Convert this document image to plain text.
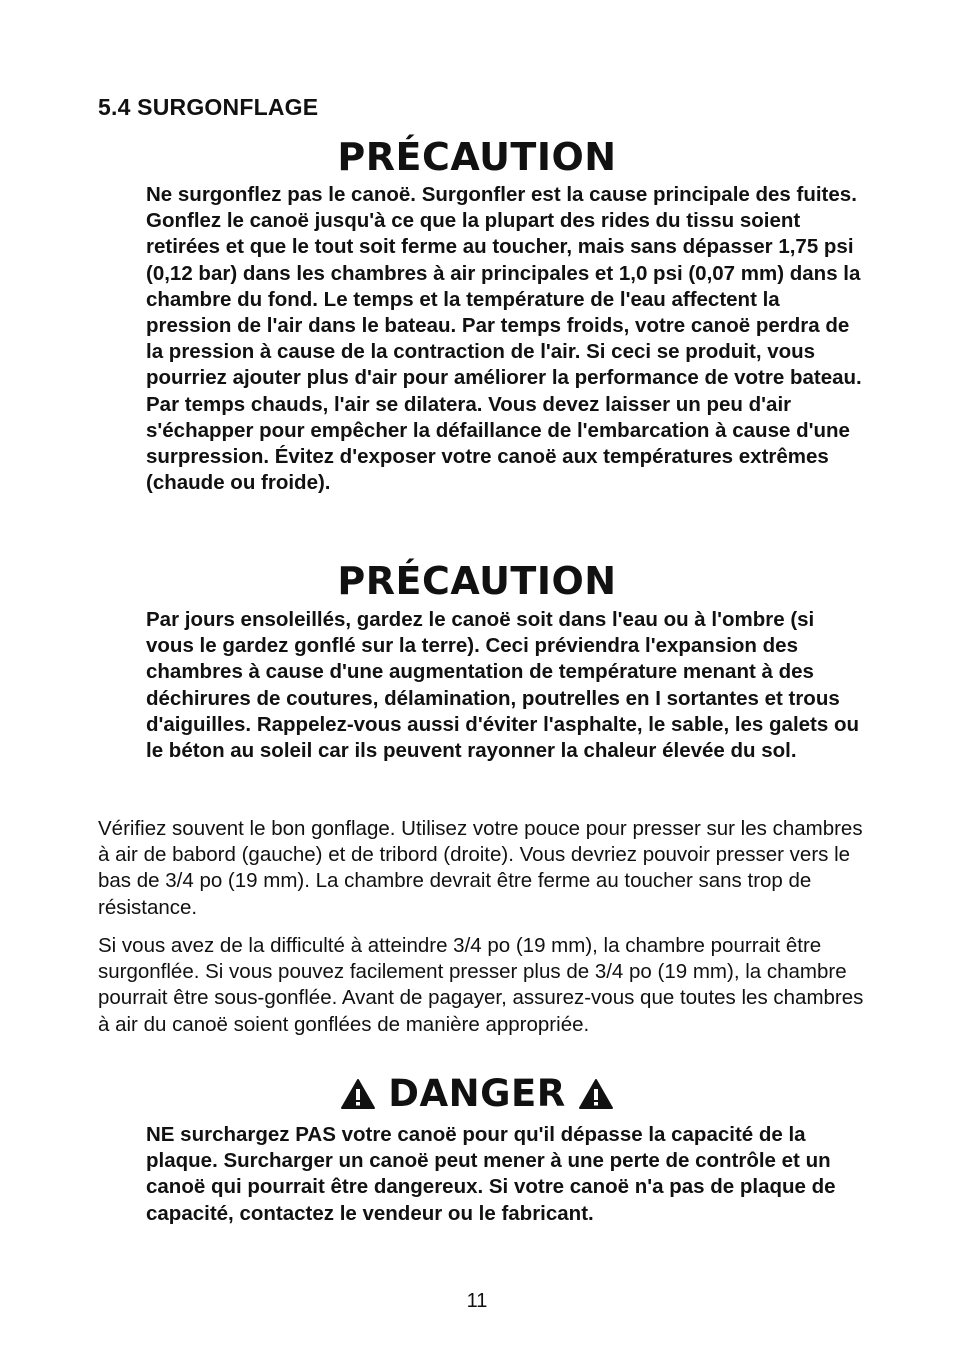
5.4 SURGONFLAGE
PRÉCAUTION

Ne surgonflez pas le canoë. Surgonfler est la cause principale des fuites. Gonflez le canoë jusqu'à ce que la plupart des rides du tissu soient retirées et que le tout soit ferme au toucher, mais sans dépasser 1,75 psi (0,12 bar) dans les chambres à air principales et 1,0 psi (0,07 mm) dans la chambre du fond. Le temps et la température de l'eau affectent la pression de l'air dans le bateau. Par temps froids, votre canoë perdra de la pression à cause de la contraction de l'air. Si ceci se produit, vous pourriez ajouter plus d'air pour améliorer la performance de votre bateau. Par temps chauds, l'air se dilatera. Vous devez laisser un peu d'air s'échapper pour empêcher la défaillance de l'embarcation à cause d'une surpression. Évitez d'exposer votre canoë aux températures extrêmes (chaude ou froide).

PRÉCAUTION

Par jours ensoleillés, gardez le canoë soit dans l'eau ou à l'ombre (si vous le gardez gonflé sur la terre). Ceci préviendra l'expansion des chambres à cause d'une augmentation de température menant à des déchirures de coutures, délamination, poutrelles en I sortantes et trous d'aiguilles. Rappelez-vous aussi d'éviter l'asphalte, le sable, les galets ou le béton au soleil car ils peuvent rayonner la chaleur élevée du sol.

Vérifiez souvent le bon gonflage. Utilisez votre pouce pour presser sur les chambres à air de babord (gauche) et de tribord (droite). Vous devriez pouvoir presser vers le bas de 3/4 po (19 mm). La chambre devrait être ferme au toucher sans trop de résistance.

Si vous avez de la difficulté à atteindre 3/4 po (19 mm), la chambre pourrait être surgonflée. Si vous pouvez facilement presser plus de 3/4 po (19 mm), la chambre pourrait être sous-gonflée. Avant de pagayer, assurez-vous que toutes les chambres à air du canoë soient gonflées de manière appropriée.

DANGER

NE surchargez PAS votre canoë pour qu'il dépasse la capacité de la plaque. Surcharger un canoë peut mener à une perte de contrôle et un canoë qui pourrait être dangereux. Si votre canoë n'a pas de plaque de capacité, contactez le vendeur ou le fabricant.

11
